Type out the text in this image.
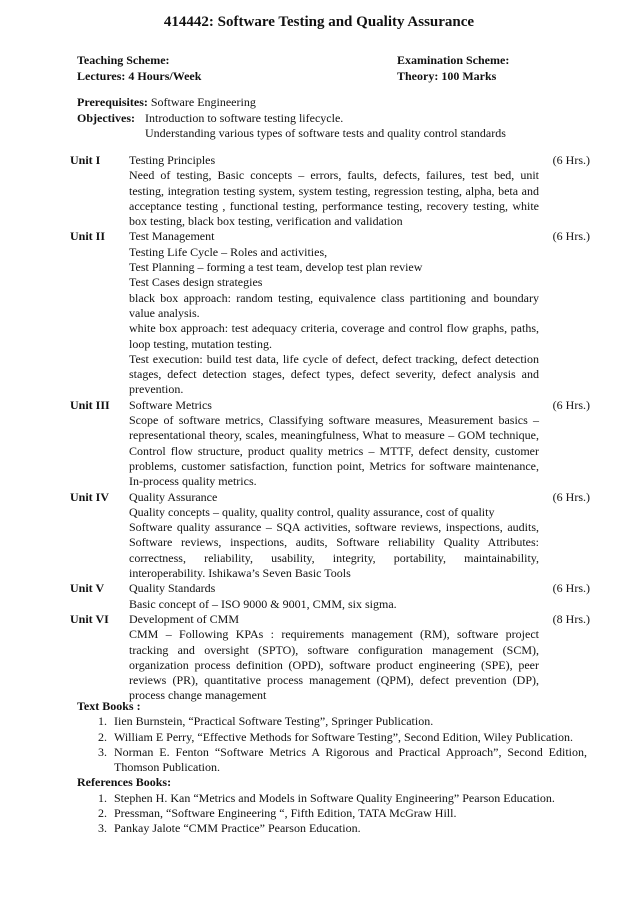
414442: Software Testing and Quality Assurance
Teaching Scheme:	Examination Scheme:
Lectures: 4 Hours/Week	Theory: 100 Marks
Prerequisites: Software Engineering
Objectives: Introduction to software testing lifecycle.
Understanding various types of software tests and quality control standards
Unit I	Testing Principles
Need of testing, Basic concepts – errors, faults, defects, failures, test bed, unit testing, integration testing system, system testing, regression testing, alpha, beta and acceptance testing , functional testing, performance testing, recovery testing, white box testing, black box testing, verification and validation
(6 Hrs.)
Unit II	Test Management
Testing Life Cycle – Roles and activities,
Test Planning – forming a test team, develop test plan review
Test Cases design strategies
black box approach: random testing, equivalence class partitioning and boundary value analysis.
white box approach: test adequacy criteria, coverage and control flow graphs, paths, loop testing, mutation testing.
Test execution: build test data, life cycle of defect, defect tracking, defect detection stages, defect detection stages, defect types, defect severity, defect analysis and prevention.
(6 Hrs.)
Unit III	Software Metrics
Scope of software metrics, Classifying software measures, Measurement basics – representational theory, scales, meaningfulness, What to measure – GOM technique, Control flow structure, product quality metrics – MTTF, defect density, customer problems, customer satisfaction, function point, Metrics for software maintenance, In-process quality metrics.
(6 Hrs.)
Unit IV	Quality Assurance
Quality concepts – quality, quality control, quality assurance, cost of quality
Software quality assurance – SQA activities, software reviews, inspections, audits, Software reviews, inspections, audits, Software reliability Quality Attributes: correctness, reliability, usability, integrity, portability, maintainability, interoperability. Ishikawa’s Seven Basic Tools
(6 Hrs.)
Unit V	Quality Standards
Basic concept of – ISO 9000 & 9001, CMM, six sigma.
(6 Hrs.)
Unit VI	Development of CMM
CMM – Following KPAs : requirements management (RM), software project tracking and oversight (SPTO), software configuration management (SCM), organization process definition (OPD), software product engineering (SPE), peer reviews (PR), quantitative process management (QPM), defect prevention (DP), process change management
(8 Hrs.)
Text Books :
1. Iien Burnstein, “Practical Software Testing”, Springer Publication.
2. William E Perry, “Effective Methods for Software Testing”, Second Edition, Wiley Publication.
3. Norman E. Fenton “Software Metrics A Rigorous and Practical Approach”, Second Edition, Thomson Publication.
References Books:
1. Stephen H. Kan “Metrics and Models in Software Quality Engineering” Pearson Education.
2. Pressman, “Software Engineering “, Fifth Edition, TATA McGraw Hill.
3. Pankay Jalote “CMM Practice” Pearson Education.
